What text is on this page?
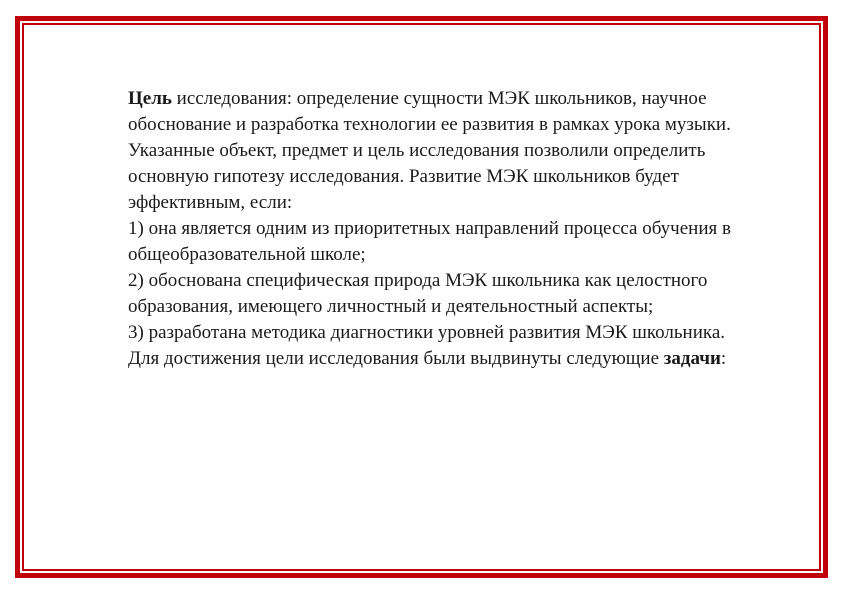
Цель исследования: определение сущности МЭК школьников, научное обоснование и разработка технологии ее развития в рамках урока музыки.

Указанные объект, предмет и цель исследования позволили определить основную гипотезу исследования. Развитие МЭК школьников будет эффективным, если:

1) она является одним из приоритетных направлений процесса обучения в общеобразовательной школе;

2) обоснована специфическая природа МЭК школьника как целостного образования, имеющего личностный и деятельностный аспекты;

3) разработана методика диагностики уровней развития МЭК школьника.

Для достижения цели исследования были выдвинуты следующие задачи:
